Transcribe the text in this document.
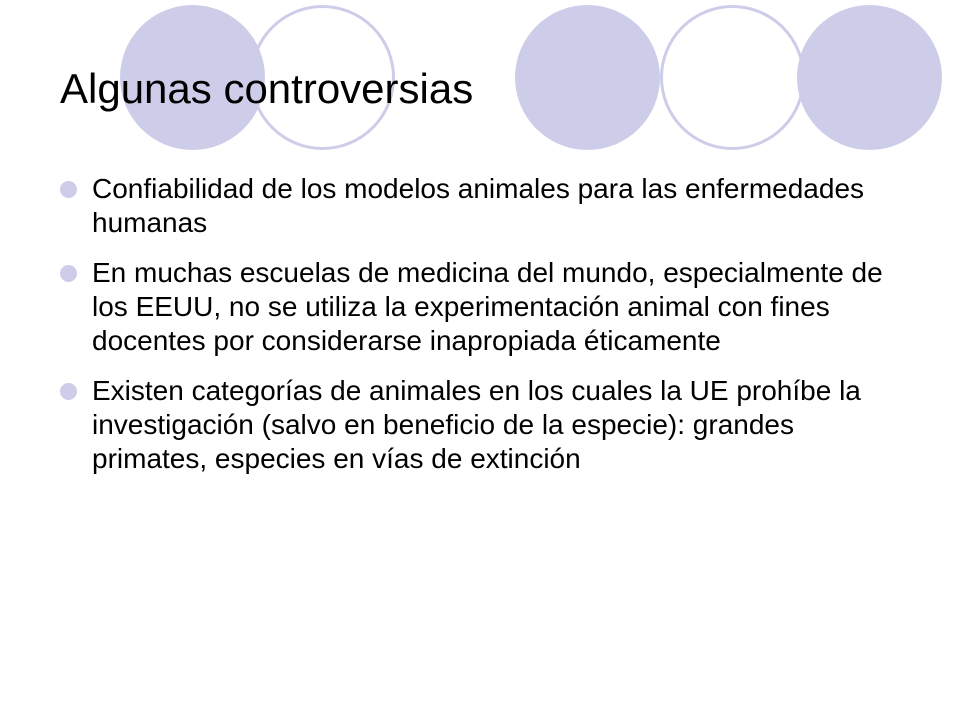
Algunas controversias
Confiabilidad de los modelos animales para las enfermedades humanas
En muchas escuelas de medicina del mundo, especialmente de los EEUU, no se utiliza la experimentación animal con fines docentes por considerarse inapropiada éticamente
Existen categorías de animales en los cuales la UE prohíbe la investigación (salvo en beneficio de la especie): grandes primates, especies en vías de extinción
